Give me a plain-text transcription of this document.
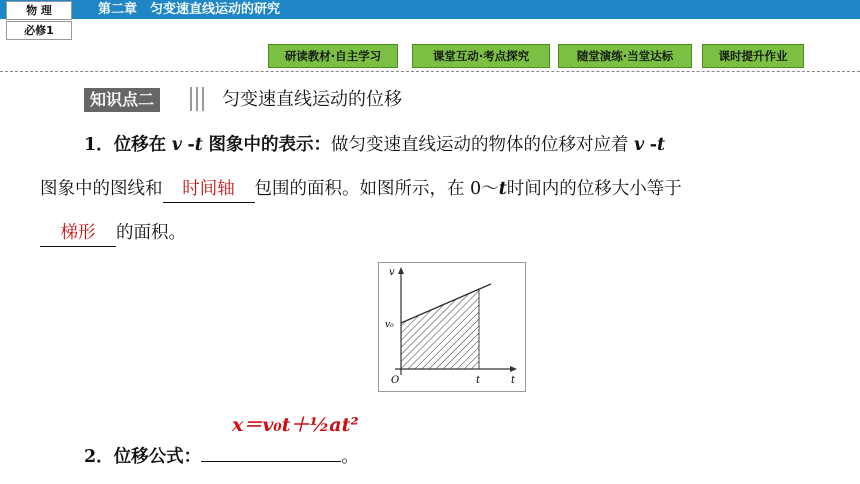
物 理
必修1
第二章　匀变速直线运动的研究
研读教材·自主学习	课堂互动·考点探究	随堂演练·当堂达标	课时提升作业
知识点二	匀变速直线运动的位移
1．位移在 v -t 图象中的表示：做匀变速直线运动的物体的位移对应着 v -t
图象中的图线和 时间轴 包围的面积。如图所示，在 0～t时间内的位移大小等于
梯形 的面积。
v
v₀
O	t	t
x＝v₀t＋½at²
2．位移公式：	。
